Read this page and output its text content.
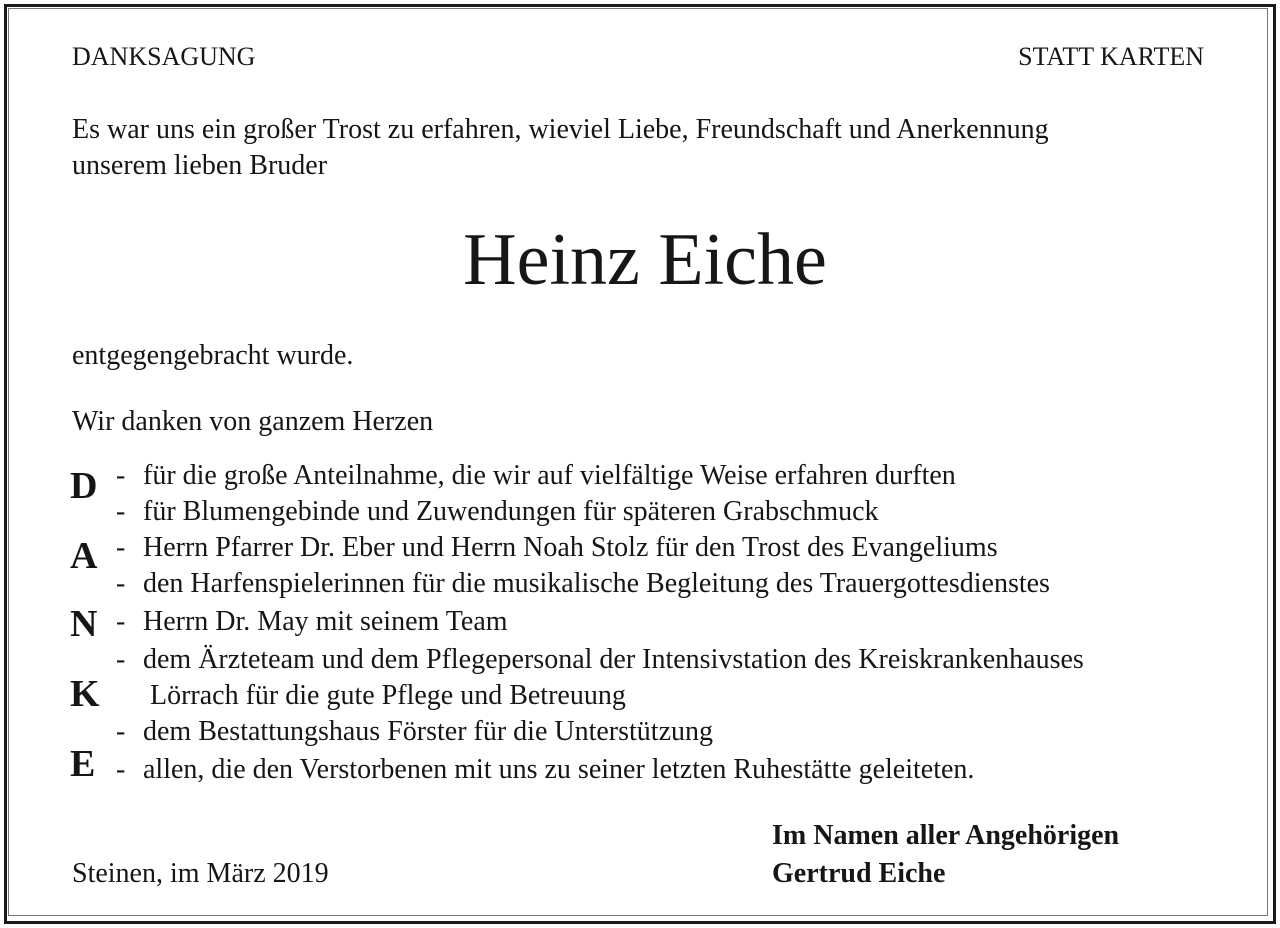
DANKSAGUNG	STATT KARTEN
Es war uns ein großer Trost zu erfahren, wieviel Liebe, Freundschaft und Anerkennung
unserem lieben Bruder
Heinz Eiche
entgegengebracht wurde.
Wir danken von ganzem Herzen
D
A
N
K
E
-
-
-
-
-
-
-
-
für die große Anteilnahme, die wir auf vielfältige Weise erfahren durften
für Blumengebinde und Zuwendungen für späteren Grabschmuck
Herrn Pfarrer Dr. Eber und Herrn Noah Stolz für den Trost des Evangeliums
den Harfenspielerinnen für die musikalische Begleitung des Trauergottesdienstes
Herrn Dr. May mit seinem Team
dem Ärzteteam und dem Pflegepersonal der Intensivstation des Kreiskrankenhauses
Lörrach für die gute Pflege und Betreuung
dem Bestattungshaus Förster für die Unterstützung
allen, die den Verstorbenen mit uns zu seiner letzten Ruhestätte geleiteten.
Steinen, im März 2019
Im Namen aller Angehörigen
Gertrud Eiche
